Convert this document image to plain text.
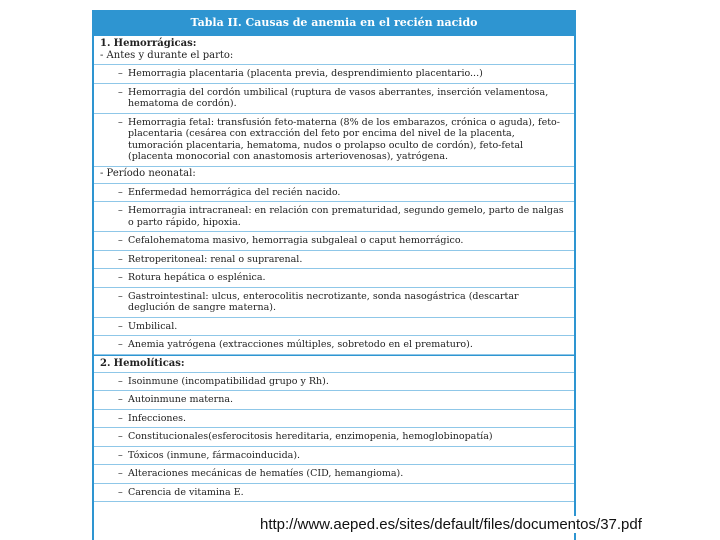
Tabla II. Causas de anemia en el recién nacido
1. Hemorrágicas:
- Antes y durante el parto:
– Hemorragia placentaria (placenta previa, desprendimiento placentario...)
– Hemorragia del cordón umbilical (ruptura de vasos aberrantes, inserción velamentosa, hematoma de cordón).
– Hemorragia fetal: transfusión feto-materna (8% de los embarazos, crónica o aguda), feto-placentaria (cesárea con extracción del feto por encima del nivel de la placenta, tumoración placentaria, hematoma, nudos o prolapso oculto de cordón), feto-fetal (placenta monocorial con anastomosis arteriovenosas), yatrógena.
- Período neonatal:
– Enfermedad hemorrágica del recién nacido.
– Hemorragia intracraneal: en relación con prematuridad, segundo gemelo, parto de nalgas o parto rápido, hipoxia.
– Cefalohematoma masivo, hemorragia subgaleal o caput hemorrágico.
– Retroperitoneal: renal o suprarenal.
– Rotura hepática o esplénica.
– Gastrointestinal: ulcus, enterocolitis necrotizante, sonda nasogástrica (descartar deglución de sangre materna).
– Umbilical.
– Anemia yatrógena (extracciones múltiples, sobretodo en el prematuro).
2. Hemolíticas:
– Isoinmune (incompatibilidad grupo y Rh).
– Autoinmune materna.
– Infecciones.
– Constitucionales(esferocitosis hereditaria, enzimopenia, hemoglobinopatía)
– Tóxicos (inmune, fármacoinducida).
– Alteraciones mecánicas de hematíes (CID, hemangioma).
– Carencia de vitamina E.
http://www.aeped.es/sites/default/files/documentos/37.pdf
